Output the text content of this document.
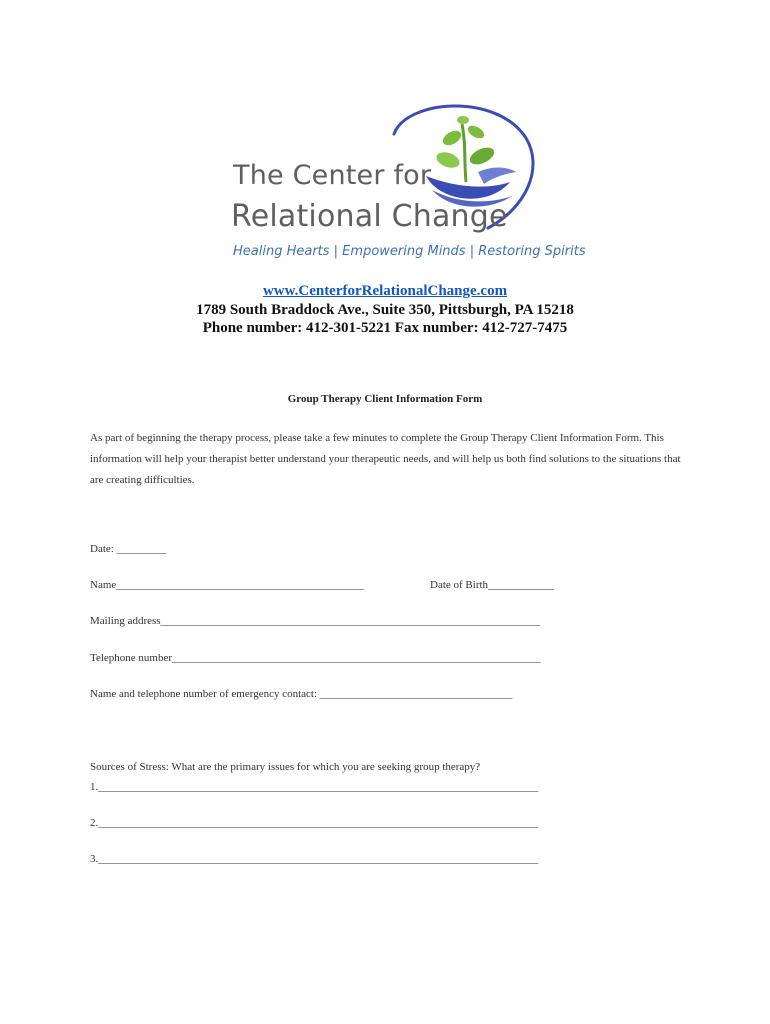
The Center for
Relational Change
Healing Hearts | Empowering Minds | Restoring Spirits
www.CenterforRelationalChange.com
1789 South Braddock Ave., Suite 350, Pittsburgh, PA 15218
Phone number: 412-301-5221 Fax number: 412-727-7475
Group Therapy Client Information Form
As part of beginning the therapy process, please take a few minutes to complete the Group Therapy Client Information Form. This information will help your therapist better understand your therapeutic needs, and will help us both find solutions to the situations that are creating difficulties.
Date: _________
Name_____________________________________________	Date of Birth____________
Mailing address_____________________________________________________________________
Telephone number___________________________________________________________________
Name and telephone number of emergency contact: ___________________________________
Sources of Stress: What are the primary issues for which you are seeking group therapy?
1.________________________________________________________________________________
2.________________________________________________________________________________
3.________________________________________________________________________________
